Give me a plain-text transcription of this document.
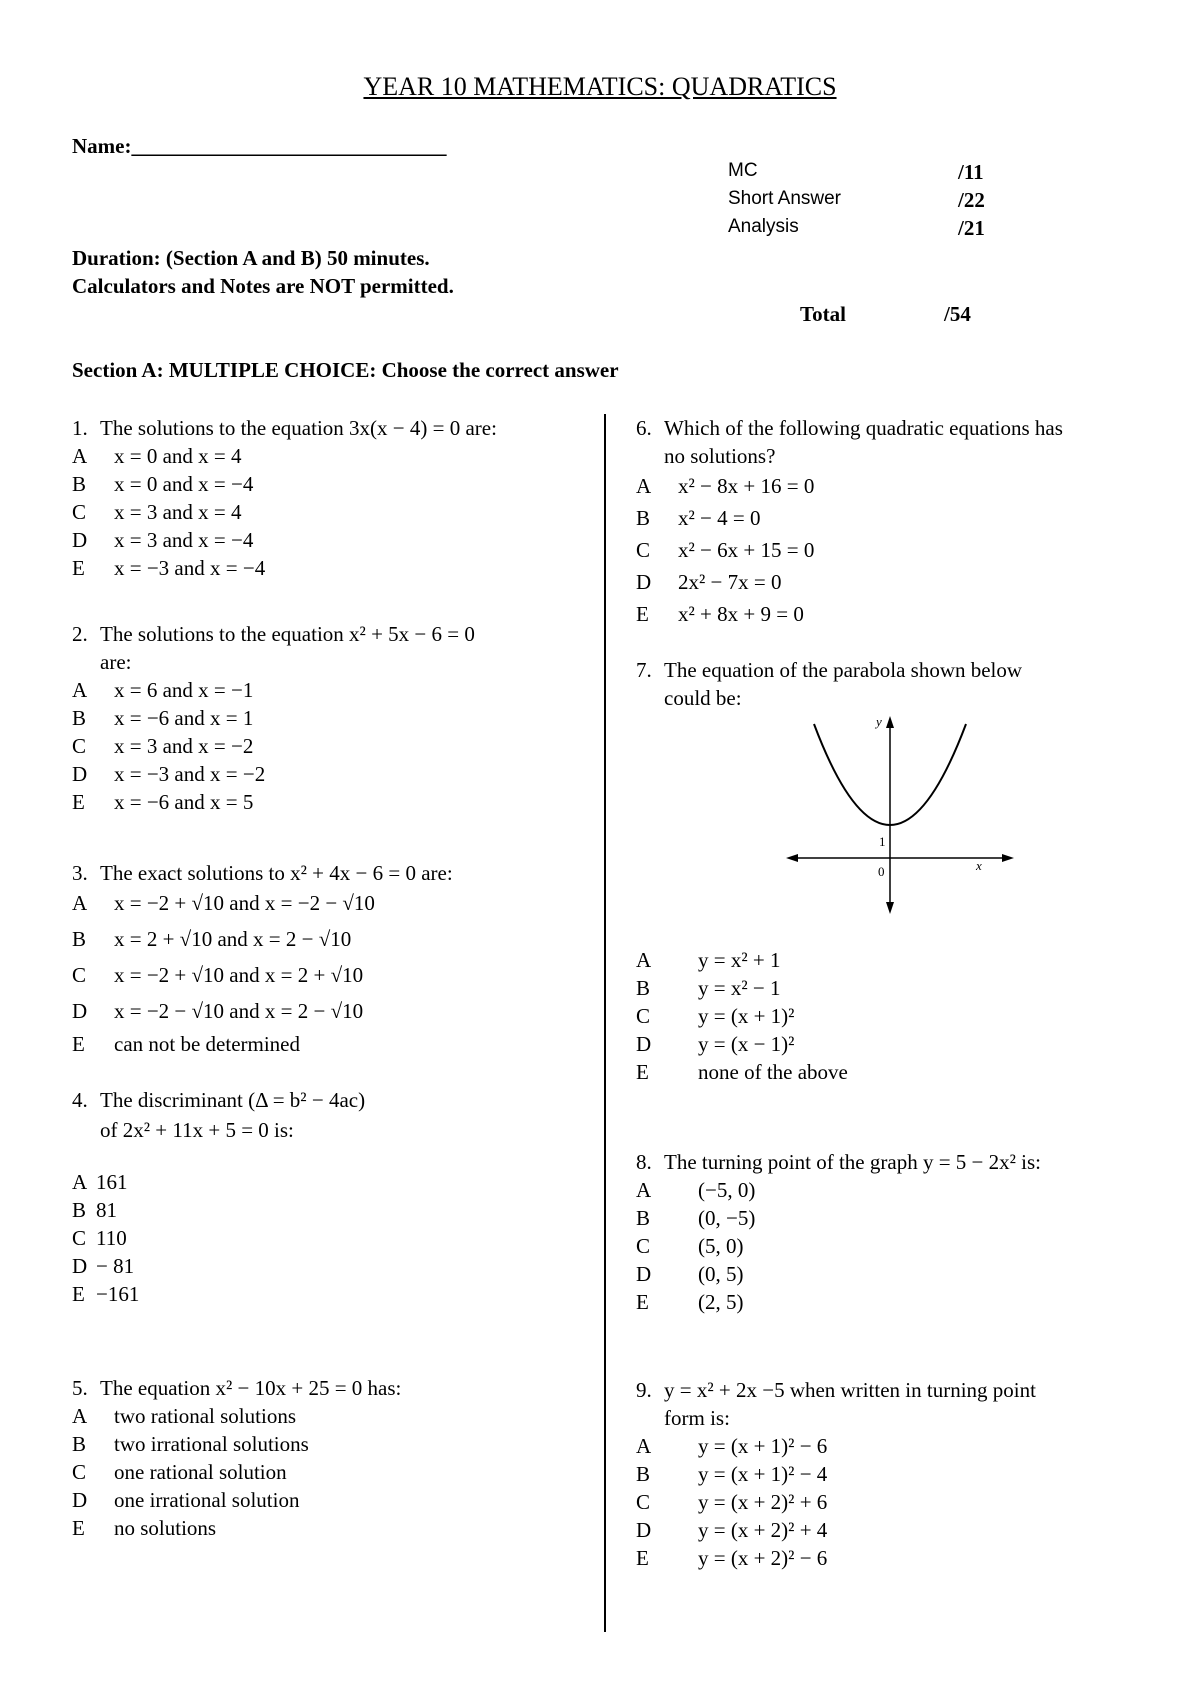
YEAR 10 MATHEMATICS: QUADRATICS
Name:______________________________
MC	/11
Short Answer	/22
Analysis	/21
Duration: (Section A and B) 50 minutes.
Calculators and Notes are NOT permitted.
Total	/54
Section A: MULTIPLE CHOICE: Choose the correct answer
1. The solutions to the equation 3x(x − 4) = 0 are:
A	x = 0 and x = 4
B	x = 0 and x = −4
C	x = 3 and x = 4
D	x = 3 and x = −4
E	x = −3 and x = −4
2. The solutions to the equation x² + 5x − 6 = 0
are:
A	x = 6 and x = −1
B	x = −6 and x = 1
C	x = 3 and x = −2
D	x = −3 and x = −2
E	x = −6 and x = 5
3. The exact solutions to x² + 4x − 6 = 0 are:
A	x = −2 + √10 and x = −2 − √10
B	x = 2 + √10 and x = 2 − √10
C	x = −2 + √10 and x = 2 + √10
D	x = −2 − √10 and x = 2 − √10
E	can not be determined
4. The discriminant (Δ = b² − 4ac)
of 2x² + 11x + 5 = 0 is:
A 161
B 81
C 110
D − 81
E −161
5. The equation x² − 10x + 25 = 0 has:
A	two rational solutions
B	two irrational solutions
C	one rational solution
D	one irrational solution
E	no solutions
6. Which of the following quadratic equations has
no solutions?
A	x² − 8x + 16 = 0
B	x² − 4 = 0
C	x² − 6x + 15 = 0
D	2x² − 7x = 0
E	x² + 8x + 9 = 0
7. The equation of the parabola shown below
could be:
y
x
1
0
A	y = x² + 1
B	y = x² − 1
C	y = (x + 1)²
D	y = (x − 1)²
E	none of the above
8. The turning point of the graph y = 5 − 2x² is:
A	(−5, 0)
B	(0, −5)
C	(5, 0)
D	(0, 5)
E	(2, 5)
9. y = x² + 2x −5 when written in turning point
form is:
A	y = (x + 1)² − 6
B	y = (x + 1)² − 4
C	y = (x + 2)² + 6
D	y = (x + 2)² + 4
E	y = (x + 2)² − 6
